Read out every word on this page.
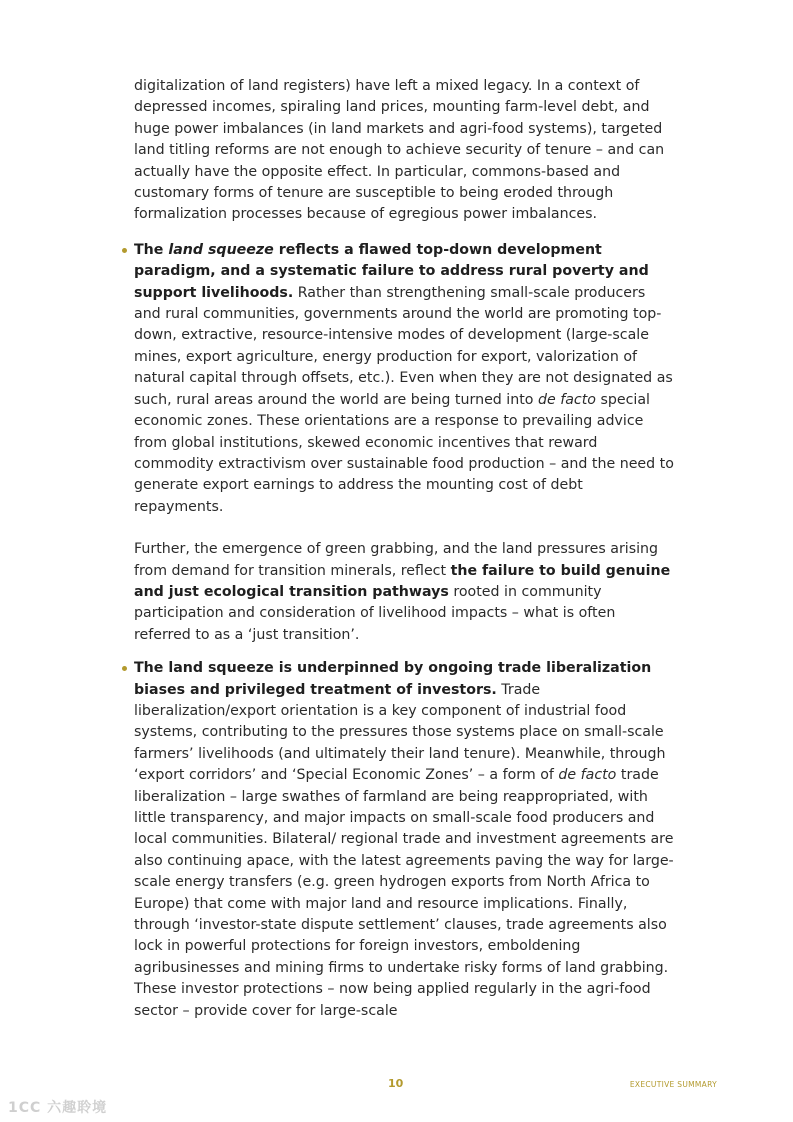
digitalization of land registers) have left a mixed legacy. In a context of depressed incomes, spiraling land prices, mounting farm-level debt, and huge power imbalances (in land markets and agri-food systems), targeted land titling reforms are not enough to achieve security of tenure – and can actually have the opposite effect. In particular, commons-based and customary forms of tenure are susceptible to being eroded through formalization processes because of egregious power imbalances.

The land squeeze reflects a flawed top-down development paradigm, and a systematic failure to address rural poverty and support livelihoods. Rather than strengthening small-scale producers and rural communities, governments around the world are promoting top-down, extractive, resource-intensive modes of development (large-scale mines, export agriculture, energy production for export, valorization of natural capital through offsets, etc.). Even when they are not designated as such, rural areas around the world are being turned into de facto special economic zones. These orientations are a response to prevailing advice from global institutions, skewed economic incentives that reward commodity extractivism over sustainable food production – and the need to generate export earnings to address the mounting cost of debt repayments.

Further, the emergence of green grabbing, and the land pressures arising from demand for transition minerals, reflect the failure to build genuine and just ecological transition pathways rooted in community participation and consideration of livelihood impacts – what is often referred to as a ‘just transition’.

The land squeeze is underpinned by ongoing trade liberalization biases and privileged treatment of investors. Trade liberalization/export orientation is a key component of industrial food systems, contributing to the pressures those systems place on small-scale farmers’ livelihoods (and ultimately their land tenure). Meanwhile, through ‘export corridors’ and ‘Special Economic Zones’ – a form of de facto trade liberalization – large swathes of farmland are being reappropriated, with little transparency, and major impacts on small-scale food producers and local communities. Bilateral/ regional trade and investment agreements are also continuing apace, with the latest agreements paving the way for large-scale energy transfers (e.g. green hydrogen exports from North Africa to Europe) that come with major land and resource implications. Finally, through ‘investor-state dispute settlement’ clauses, trade agreements also lock in powerful protections for foreign investors, emboldening agribusinesses and mining firms to undertake risky forms of land grabbing. These investor protections – now being applied regularly in the agri-food sector – provide cover for large-scale

10	EXECUTIVE SUMMARY
1CC 六趣聆境
